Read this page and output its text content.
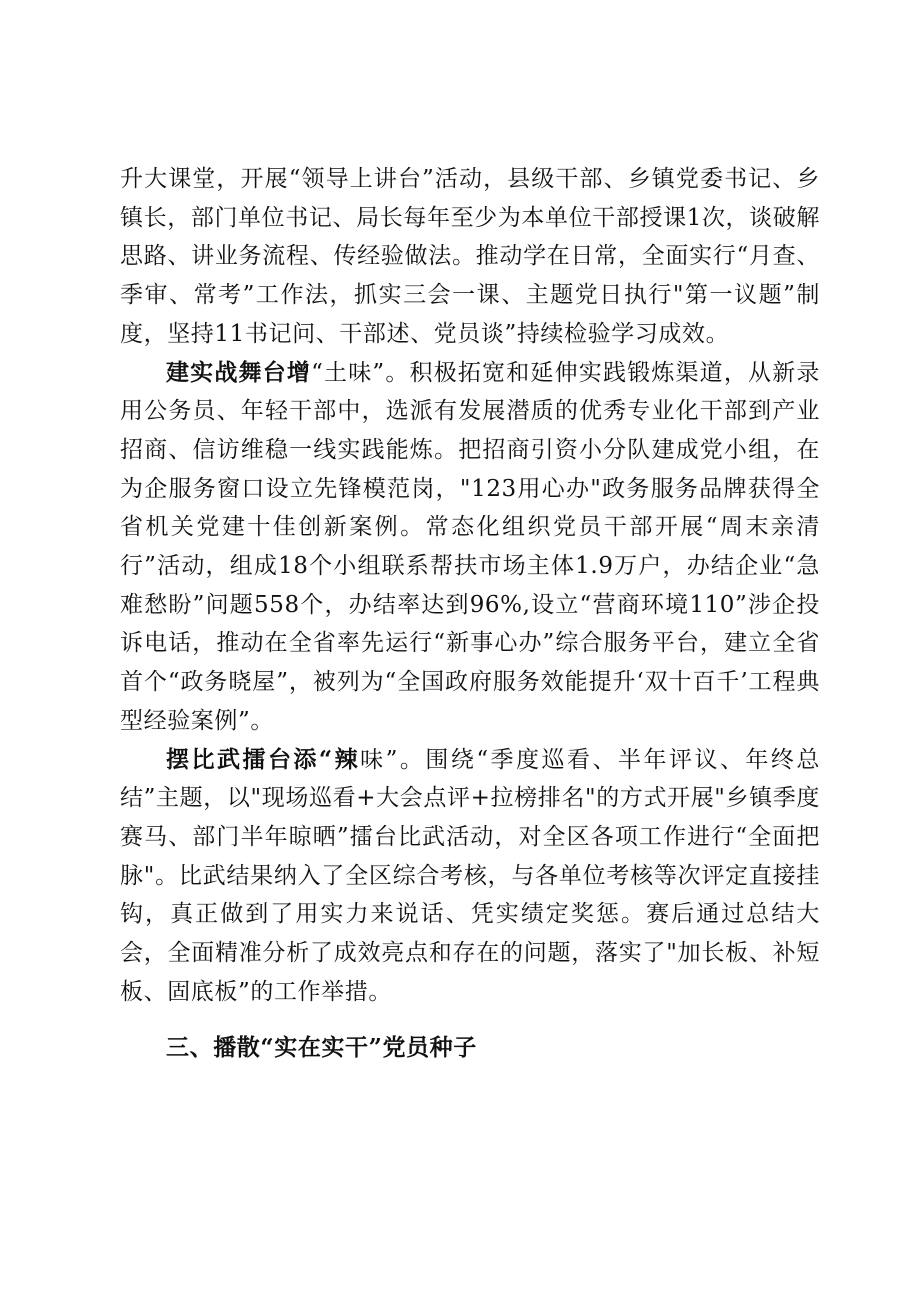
升大课堂，开展“领导上讲台”活动，县级干部、乡镇党委书记、乡镇长，部门单位书记、局长每年至少为本单位干部授课1次，谈破解思路、讲业务流程、传经验做法。推动学在日常，全面实行“月查、季审、常考”工作法，抓实三会一课、主题党日执行"第一议题”制度，坚持11书记问、干部述、党员谈”持续检验学习成效。

建实战舞台增“土味”。积极拓宽和延伸实践锻炼渠道，从新录用公务员、年轻干部中，选派有发展潜质的优秀专业化干部到产业招商、信访维稳一线实践能炼。把招商引资小分队建成党小组，在为企服务窗口设立先锋模范岗，"123用心办"政务服务品牌获得全省机关党建十佳创新案例。常态化组织党员干部开展“周末亲清行”活动，组成18个小组联系帮扶市场主体1.9万户，办结企业“急难愁盼”问题558个，办结率达到96%,设立“营商环境110”涉企投诉电话，推动在全省率先运行“新事心办”综合服务平台，建立全省首个“政务晓屋”，被列为“全国政府服务效能提升‘双十百千’工程典型经验案例”。

摆比武擂台添“辣味”。围绕“季度巡看、半年评议、年终总结”主题，以"现场巡看+大会点评+拉榜排名"的方式开展"乡镇季度赛马、部门半年晾晒”擂台比武活动，对全区各项工作进行“全面把脉"。比武结果纳入了全区综合考核，与各单位考核等次评定直接挂钩，真正做到了用实力来说话、凭实绩定奖惩。赛后通过总结大会，全面精准分析了成效亮点和存在的问题，落实了"加长板、补短板、固底板”的工作举措。

三、播散“实在实干”党员种子
